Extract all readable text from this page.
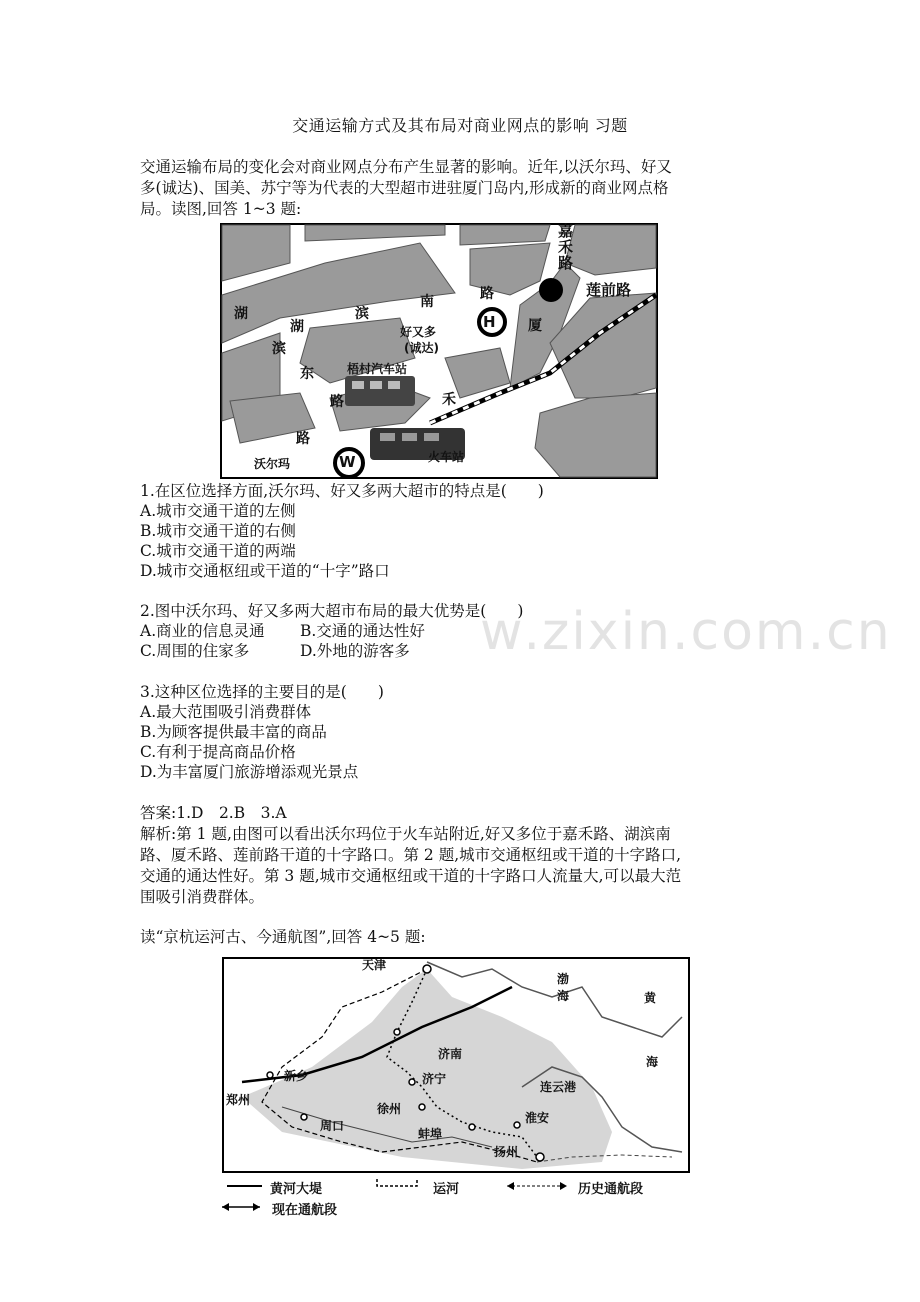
w.zixin.com.cn
交通运输方式及其布局对商业网点的影响 习题
交通运输布局的变化会对商业网点分布产生显著的影响。近年,以沃尔玛、好又
多(诚达)、国美、苏宁等为代表的大型超市进驻厦门岛内,形成新的商业网点格
局。读图,回答 1~3 题:
嘉
禾
路
莲前路
湖
湖
滨
南	路
滨
东
路
路
好又多
(诚达)
H 厦
禾
梧村汽车站
沃尔玛	W	火车站
1.在区位选择方面,沃尔玛、好又多两大超市的特点是(　　)
A.城市交通干道的左侧
B.城市交通干道的右侧
C.城市交通干道的两端
D.城市交通枢纽或干道的“十字”路口
2.图中沃尔玛、好又多两大超市布局的最大优势是(　　)
A.商业的信息灵通 B.交通的通达性好
C.周围的住家多	D.外地的游客多
3.这种区位选择的主要目的是(　　)
A.最大范围吸引消费群体
B.为顾客提供最丰富的商品
C.有利于提高商品价格
D.为丰富厦门旅游增添观光景点
答案:1.D　2.B　3.A
解析:第 1 题,由图可以看出沃尔玛位于火车站附近,好又多位于嘉禾路、湖滨南
路、厦禾路、莲前路干道的十字路口。第 2 题,城市交通枢纽或干道的十字路口,
交通的通达性好。第 3 题,城市交通枢纽或干道的十字路口人流量大,可以最大范
围吸引消费群体。
读“京杭运河古、今通航图”,回答 4~5 题:
天津
渤
海	黄
海
济南
济宁
新乡
郑州
徐州
连云港
淮安
周口
蚌埠
扬州
黄河大堤	运河	历史通航段
现在通航段
